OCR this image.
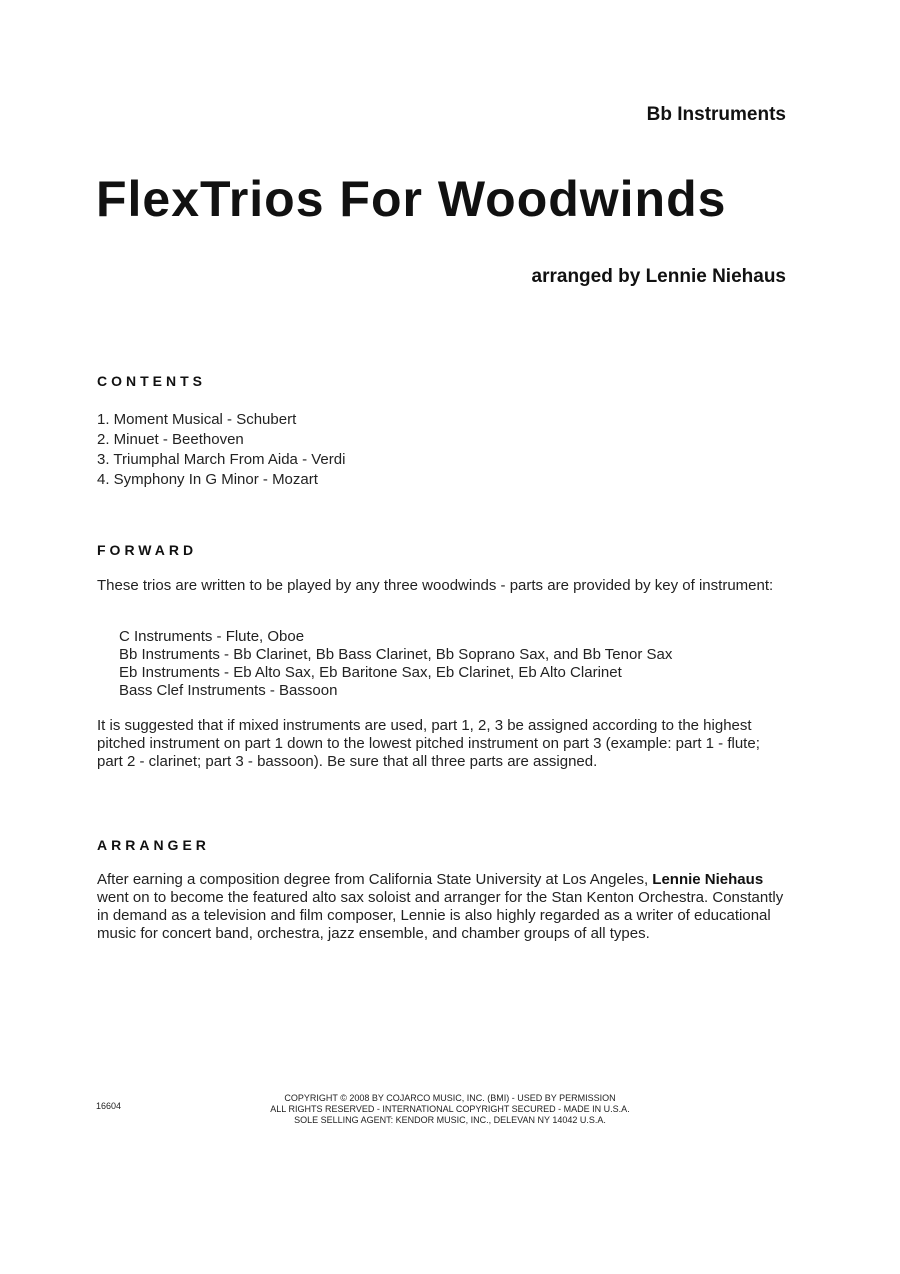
Bb Instruments
FlexTrios For Woodwinds
arranged by Lennie Niehaus
CONTENTS
1. Moment Musical - Schubert
2. Minuet - Beethoven
3. Triumphal March From Aida - Verdi
4. Symphony In G Minor - Mozart
FORWARD

These trios are written to be played by any three woodwinds - parts are provided by key of instrument:

C Instruments - Flute, Oboe
Bb Instruments - Bb Clarinet, Bb Bass Clarinet, Bb Soprano Sax, and Bb Tenor Sax
Eb Instruments - Eb Alto Sax, Eb Baritone Sax, Eb Clarinet, Eb Alto Clarinet
Bass Clef Instruments - Bassoon

It is suggested that if mixed instruments are used, part 1, 2, 3 be assigned according to the highest pitched instrument on part 1 down to the lowest pitched instrument on part 3 (example: part 1 - flute; part 2 - clarinet; part 3 - bassoon). Be sure that all three parts are assigned.

ARRANGER

After earning a composition degree from California State University at Los Angeles, Lennie Niehaus went on to become the featured alto sax soloist and arranger for the Stan Kenton Orchestra. Constantly in demand as a television and film composer, Lennie is also highly regarded as a writer of educational music for concert band, orchestra, jazz ensemble, and chamber groups of all types.

16604
COPYRIGHT © 2008 BY COJARCO MUSIC, INC. (BMI) - USED BY PERMISSION
ALL RIGHTS RESERVED - INTERNATIONAL COPYRIGHT SECURED - MADE IN U.S.A.
SOLE SELLING AGENT: KENDOR MUSIC, INC., DELEVAN NY 14042 U.S.A.
